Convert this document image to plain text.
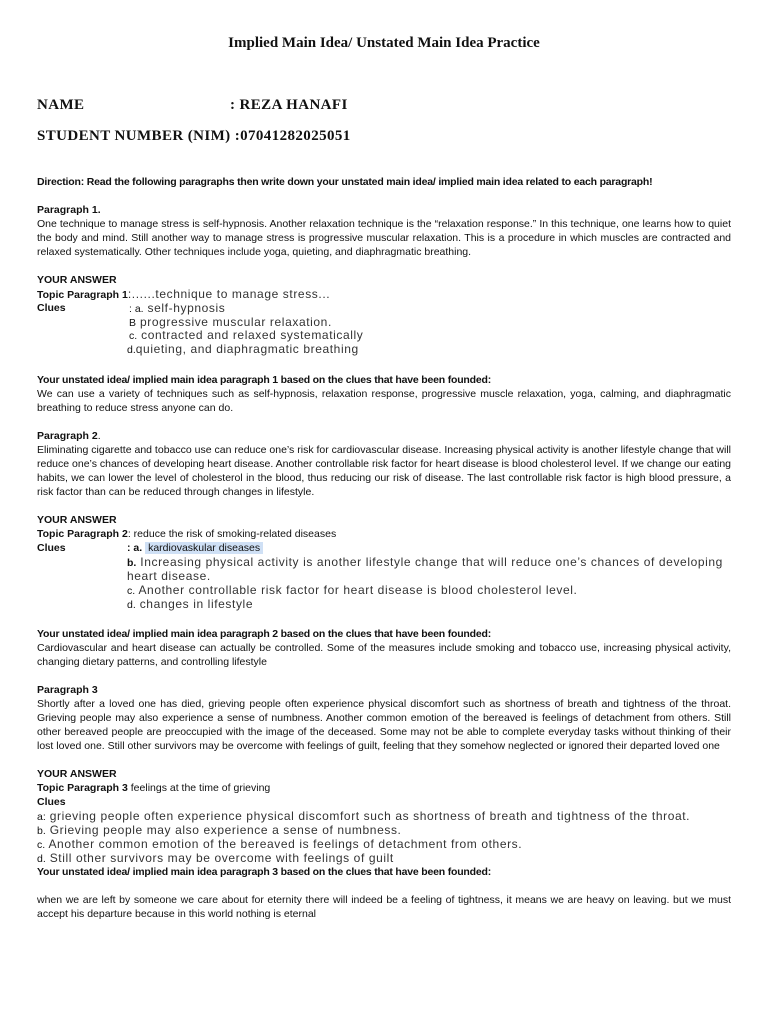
Implied Main Idea/ Unstated Main Idea Practice
NAME	: REZA HANAFI
STUDENT NUMBER (NIM) :07041282025051
Direction: Read the following paragraphs then write down your unstated main idea/ implied main idea related to each paragraph!
Paragraph 1.
One technique to manage stress is self-hypnosis. Another relaxation technique is the “relaxation response.” In this technique, one learns how to quiet the body and mind. Still another way to manage stress is progressive muscular relaxation. This is a procedure in which muscles are contracted and relaxed systematically. Other techniques include yoga, quieting, and diaphragmatic breathing.
YOUR ANSWER
Topic Paragraph 1:......technique to manage stress...
Clues	: a. self-hypnosis
B progressive muscular relaxation.
c. contracted and relaxed systematically
d.quieting, and diaphragmatic breathing
Your unstated idea/ implied main idea paragraph 1 based on the clues that have been founded:
We can use a variety of techniques such as self-hypnosis, relaxation response, progressive muscle relaxation, yoga, calming, and diaphragmatic breathing to reduce stress anyone can do.
Paragraph 2.
Eliminating cigarette and tobacco use can reduce one’s risk for cardiovascular disease. Increasing physical activity is another lifestyle change that will reduce one’s chances of developing heart disease. Another controllable risk factor for heart disease is blood cholesterol level. If we change our eating habits, we can lower the level of cholesterol in the blood, thus reducing our risk of disease. The last controllable risk factor is high blood pressure, a risk factor than can be reduced through changes in lifestyle.
YOUR ANSWER
Topic Paragraph 2: reduce the risk of smoking-related diseases
Clues	: a. kardiovaskular diseases
b. Increasing physical activity is another lifestyle change that will reduce one’s chances of developing
heart disease.
c. Another controllable risk factor for heart disease is blood cholesterol level.
d. changes in lifestyle
Your unstated idea/ implied main idea paragraph 2 based on the clues that have been founded:
Cardiovascular and heart disease can actually be controlled. Some of the measures include smoking and tobacco use, increasing physical activity, changing dietary patterns, and controlling lifestyle
Paragraph 3
Shortly after a loved one has died, grieving people often experience physical discomfort such as shortness of breath and tightness of the throat. Grieving people may also experience a sense of numbness. Another common emotion of the bereaved is feelings of detachment from others. Still other bereaved people are preoccupied with the image of the deceased. Some may not be able to complete everyday tasks without thinking of their lost loved one. Still other survivors may be overcome with feelings of guilt, feeling that they somehow neglected or ignored their departed loved one
YOUR ANSWER
Topic Paragraph 3 feelings at the time of grieving
Clues
a: grieving people often experience physical discomfort such as shortness of breath and tightness of the throat.
b. Grieving people may also experience a sense of numbness.
c. Another common emotion of the bereaved is feelings of detachment from others.
d. Still other survivors may be overcome with feelings of guilt
Your unstated idea/ implied main idea paragraph 3 based on the clues that have been founded:
when we are left by someone we care about for eternity there will indeed be a feeling of tightness, it means we are heavy on leaving. but we must accept his departure because in this world nothing is eternal
